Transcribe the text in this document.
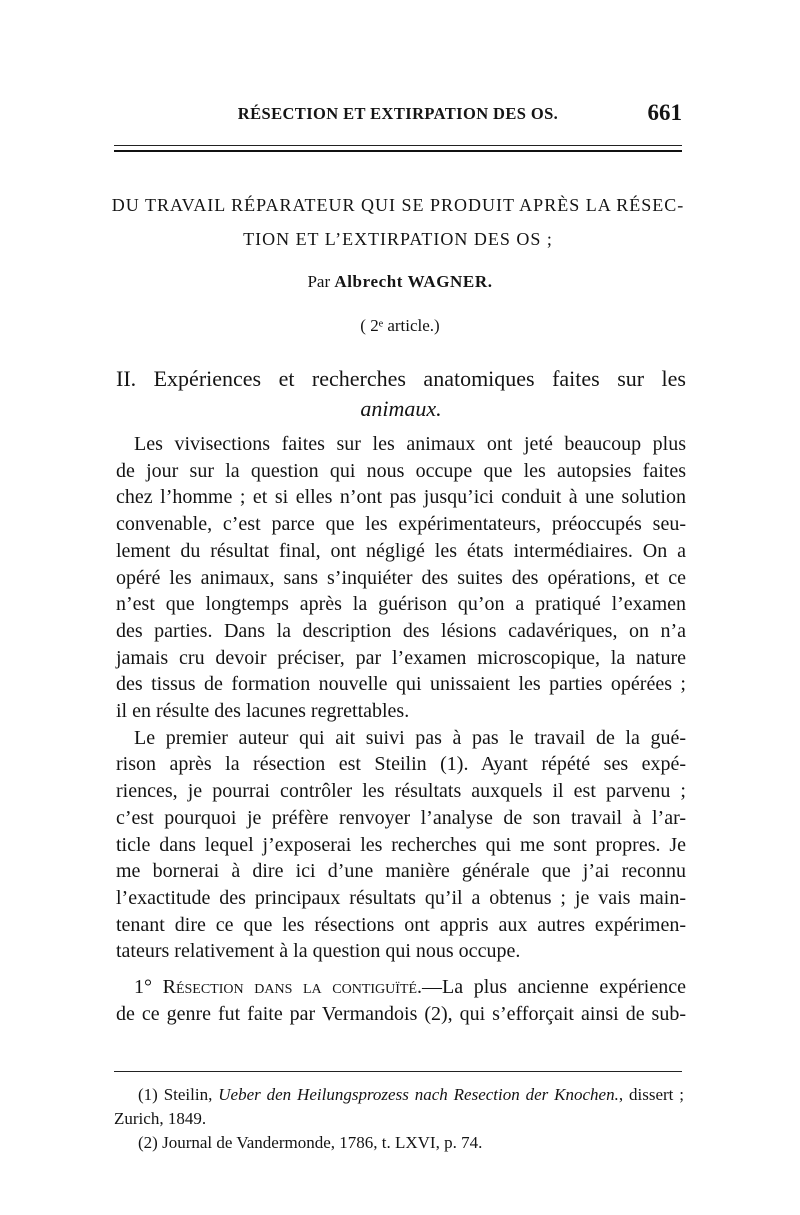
RÉSECTION ET EXTIRPATION DES OS.	661
DU TRAVAIL RÉPARATEUR QUI SE PRODUIT APRÈS LA RÉSEC-
TION ET L’EXTIRPATION DES OS ;
Par Albrecht WAGNER.
( 2ᵉ article.)
II. Expériences et recherches anatomiques faites sur les
animaux.
Les vivisections faites sur les animaux ont jeté beaucoup plus
de jour sur la question qui nous occupe que les autopsies faites
chez l’homme ; et si elles n’ont pas jusqu’ici conduit à une solution
convenable, c’est parce que les expérimentateurs, préoccupés seu-
lement du résultat final, ont négligé les états intermédiaires. On a
opéré les animaux, sans s’inquiéter des suites des opérations, et ce
n’est que longtemps après la guérison qu’on a pratiqué l’examen
des parties. Dans la description des lésions cadavériques, on n’a
jamais cru devoir préciser, par l’examen microscopique, la nature
des tissus de formation nouvelle qui unissaient les parties opérées ;
il en résulte des lacunes regrettables.
Le premier auteur qui ait suivi pas à pas le travail de la gué-
rison après la résection est Steilin (1). Ayant répété ses expé-
riences, je pourrai contrôler les résultats auxquels il est parvenu ;
c’est pourquoi je préfère renvoyer l’analyse de son travail à l’ar-
ticle dans lequel j’exposerai les recherches qui me sont propres. Je
me bornerai à dire ici d’une manière générale que j’ai reconnu
l’exactitude des principaux résultats qu’il a obtenus ; je vais main-
tenant dire ce que les résections ont appris aux autres expérimen-
tateurs relativement à la question qui nous occupe.
1° Résection dans la contiguïté.—La plus ancienne expérience
de ce genre fut faite par Vermandois (2), qui s’efforçait ainsi de sub-
(1) Steilin, Ueber den Heilungsprozess nach Resection der Knochen., dissert ;
Zurich, 1849.
(2) Journal de Vandermonde, 1786, t. LXVI, p. 74.
